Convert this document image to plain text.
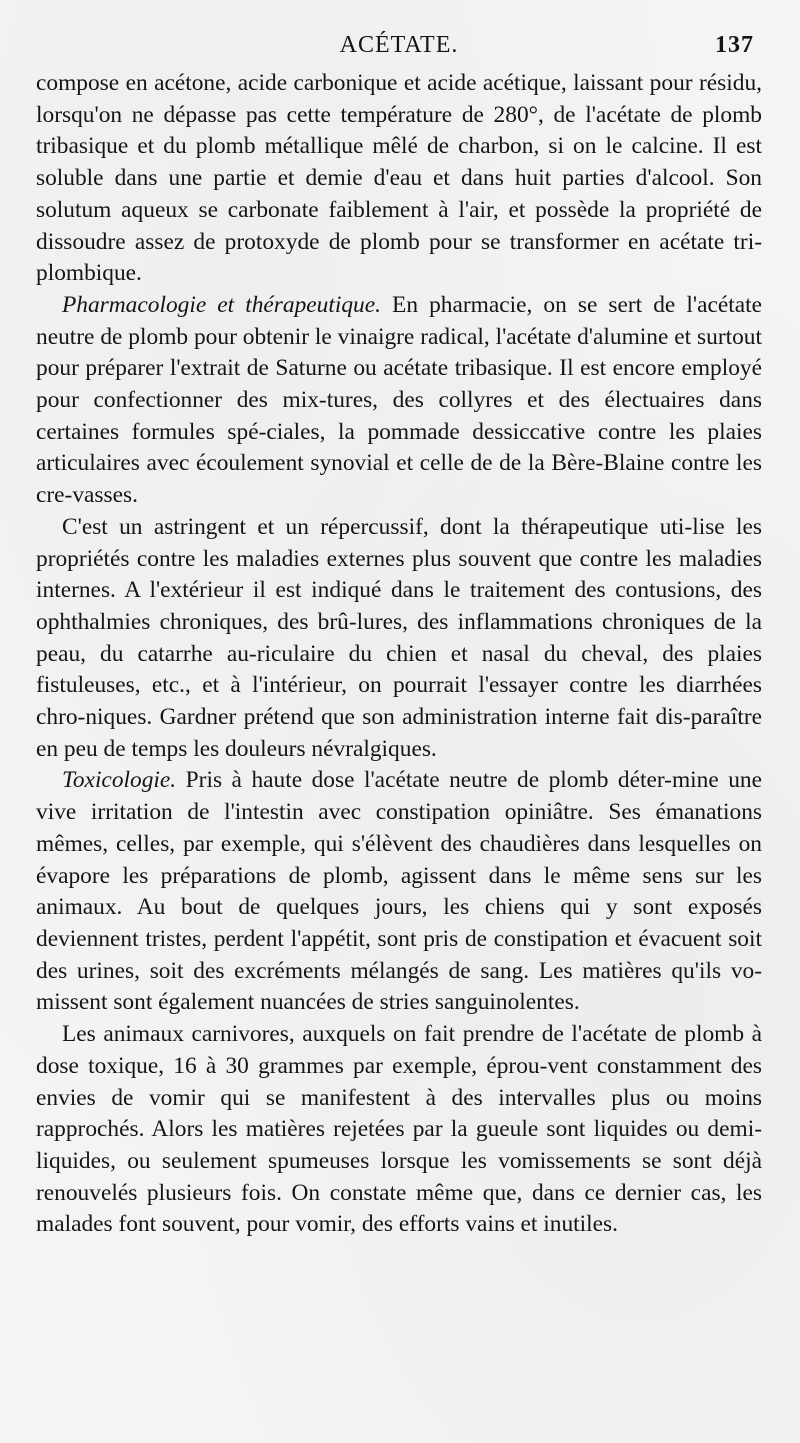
ACÉTATE.	137

compose en acétone, acide carbonique et acide acétique, laissant pour résidu, lorsqu'on ne dépasse pas cette température de 280°, de l'acétate de plomb tribasique et du plomb métallique mêlé de charbon, si on le calcine. Il est soluble dans une partie et demie d'eau et dans huit parties d'alcool. Son solutum aqueux se carbonate faiblement à l'air, et possède la propriété de dissoudre assez de protoxyde de plomb pour se transformer en acétate tri-plombique.

Pharmacologie et thérapeutique. En pharmacie, on se sert de l'acétate neutre de plomb pour obtenir le vinaigre radical, l'acétate d'alumine et surtout pour préparer l'extrait de Saturne ou acétate tribasique. Il est encore employé pour confectionner des mix-tures, des collyres et des électuaires dans certaines formules spé-ciales, la pommade dessiccative contre les plaies articulaires avec écoulement synovial et celle de de la Bère-Blaine contre les cre-vasses.

C'est un astringent et un répercussif, dont la thérapeutique uti-lise les propriétés contre les maladies externes plus souvent que contre les maladies internes. A l'extérieur il est indiqué dans le traitement des contusions, des ophthalmies chroniques, des brû-lures, des inflammations chroniques de la peau, du catarrhe au-riculaire du chien et nasal du cheval, des plaies fistuleuses, etc., et à l'intérieur, on pourrait l'essayer contre les diarrhées chro-niques. Gardner prétend que son administration interne fait dis-paraître en peu de temps les douleurs névralgiques.

Toxicologie. Pris à haute dose l'acétate neutre de plomb déter-mine une vive irritation de l'intestin avec constipation opiniâtre. Ses émanations mêmes, celles, par exemple, qui s'élèvent des chaudières dans lesquelles on évapore les préparations de plomb, agissent dans le même sens sur les animaux. Au bout de quelques jours, les chiens qui y sont exposés deviennent tristes, perdent l'appétit, sont pris de constipation et évacuent soit des urines, soit des excréments mélangés de sang. Les matières qu'ils vo-missent sont également nuancées de stries sanguinolentes.

Les animaux carnivores, auxquels on fait prendre de l'acétate de plomb à dose toxique, 16 à 30 grammes par exemple, éprou-vent constamment des envies de vomir qui se manifestent à des intervalles plus ou moins rapprochés. Alors les matières rejetées par la gueule sont liquides ou demi-liquides, ou seulement spumeuses lorsque les vomissements se sont déjà renouvelés plusieurs fois. On constate même que, dans ce dernier cas, les malades font souvent, pour vomir, des efforts vains et inutiles.
